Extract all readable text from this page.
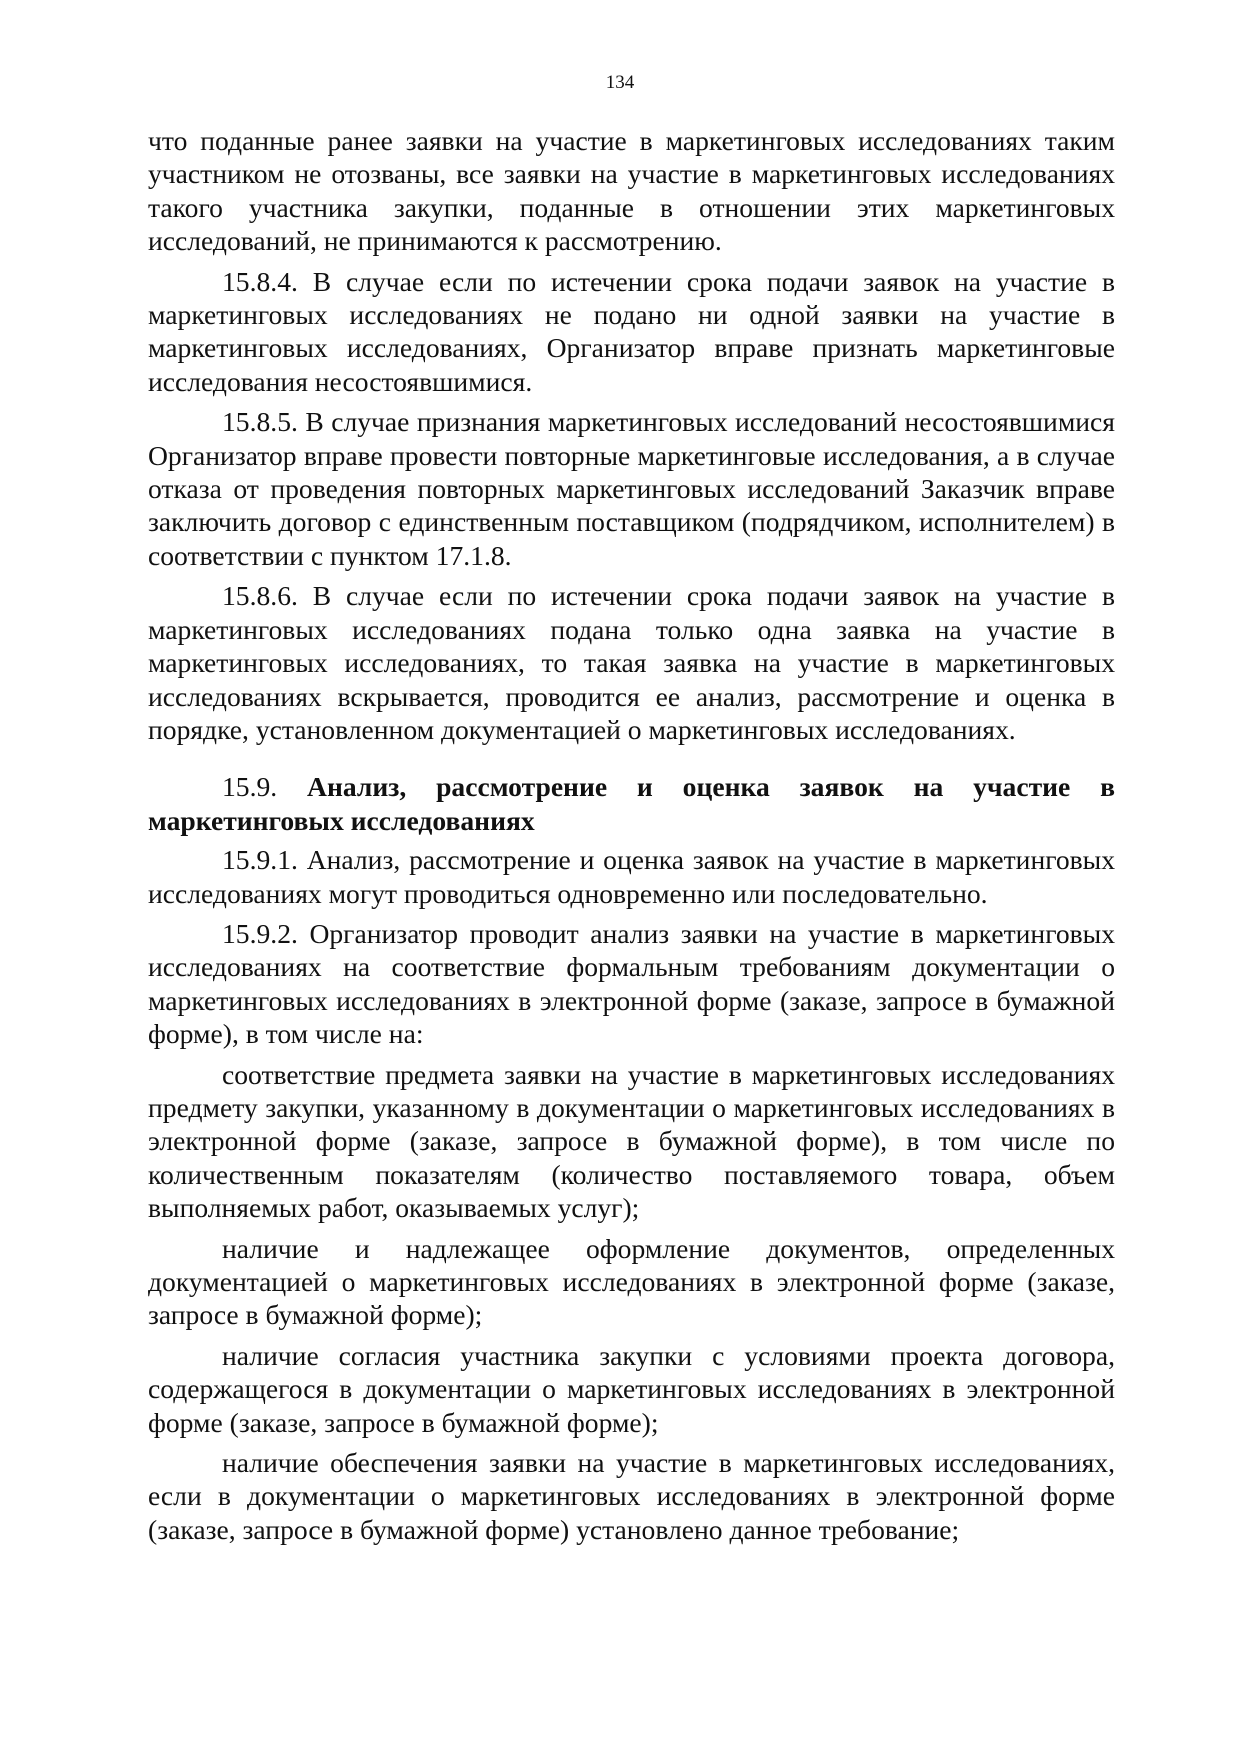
134

что поданные ранее заявки на участие в маркетинговых исследованиях таким участником не отозваны, все заявки на участие в маркетинговых исследованиях такого участника закупки, поданные в отношении этих маркетинговых исследований, не принимаются к рассмотрению.

15.8.4. В случае если по истечении срока подачи заявок на участие в маркетинговых исследованиях не подано ни одной заявки на участие в маркетинговых исследованиях, Организатор вправе признать маркетинговые исследования несостоявшимися.

15.8.5. В случае признания маркетинговых исследований несостоявшимися Организатор вправе провести повторные маркетинговые исследования, а в случае отказа от проведения повторных маркетинговых исследований Заказчик вправе заключить договор с единственным поставщиком (подрядчиком, исполнителем) в соответствии с пунктом 17.1.8.

15.8.6. В случае если по истечении срока подачи заявок на участие в маркетинговых исследованиях подана только одна заявка на участие в маркетинговых исследованиях, то такая заявка на участие в маркетинговых исследованиях вскрывается, проводится ее анализ, рассмотрение и оценка в порядке, установленном документацией о маркетинговых исследованиях.

15.9. Анализ, рассмотрение и оценка заявок на участие в маркетинговых исследованиях

15.9.1. Анализ, рассмотрение и оценка заявок на участие в маркетинговых исследованиях могут проводиться одновременно или последовательно.

15.9.2. Организатор проводит анализ заявки на участие в маркетинговых исследованиях на соответствие формальным требованиям документации о маркетинговых исследованиях в электронной форме (заказе, запросе в бумажной форме), в том числе на:

соответствие предмета заявки на участие в маркетинговых исследованиях предмету закупки, указанному в документации о маркетинговых исследованиях в электронной форме (заказе, запросе в бумажной форме), в том числе по количественным показателям (количество поставляемого товара, объем выполняемых работ, оказываемых услуг);

наличие и надлежащее оформление документов, определенных документацией о маркетинговых исследованиях в электронной форме (заказе, запросе в бумажной форме);

наличие согласия участника закупки с условиями проекта договора, содержащегося в документации о маркетинговых исследованиях в электронной форме (заказе, запросе в бумажной форме);

наличие обеспечения заявки на участие в маркетинговых исследованиях, если в документации о маркетинговых исследованиях в электронной форме (заказе, запросе в бумажной форме) установлено данное требование;
